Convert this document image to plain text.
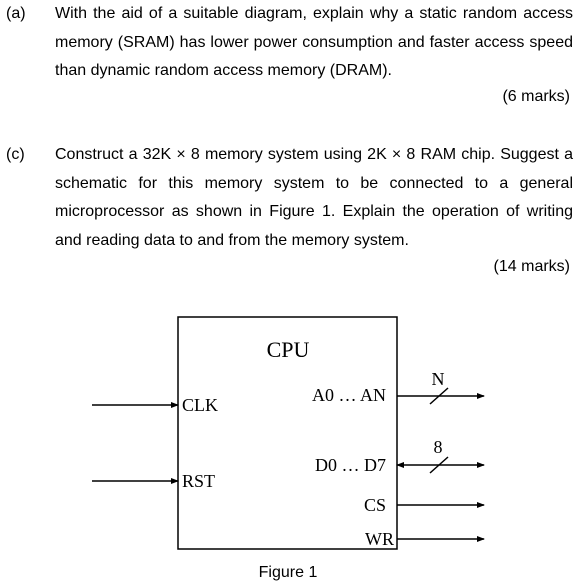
(a) With the aid of a suitable diagram, explain why a static random access memory (SRAM) has lower power consumption and faster access speed than dynamic random access memory (DRAM).
(6 marks)
(c) Construct a 32K × 8 memory system using 2K × 8 RAM chip. Suggest a schematic for this memory system to be connected to a general microprocessor as shown in Figure 1. Explain the operation of writing and reading data to and from the memory system.
(14 marks)
CPU
CLK
RST
A0 … AN
N
D0 … D7
8
CS
WR
Figure 1
